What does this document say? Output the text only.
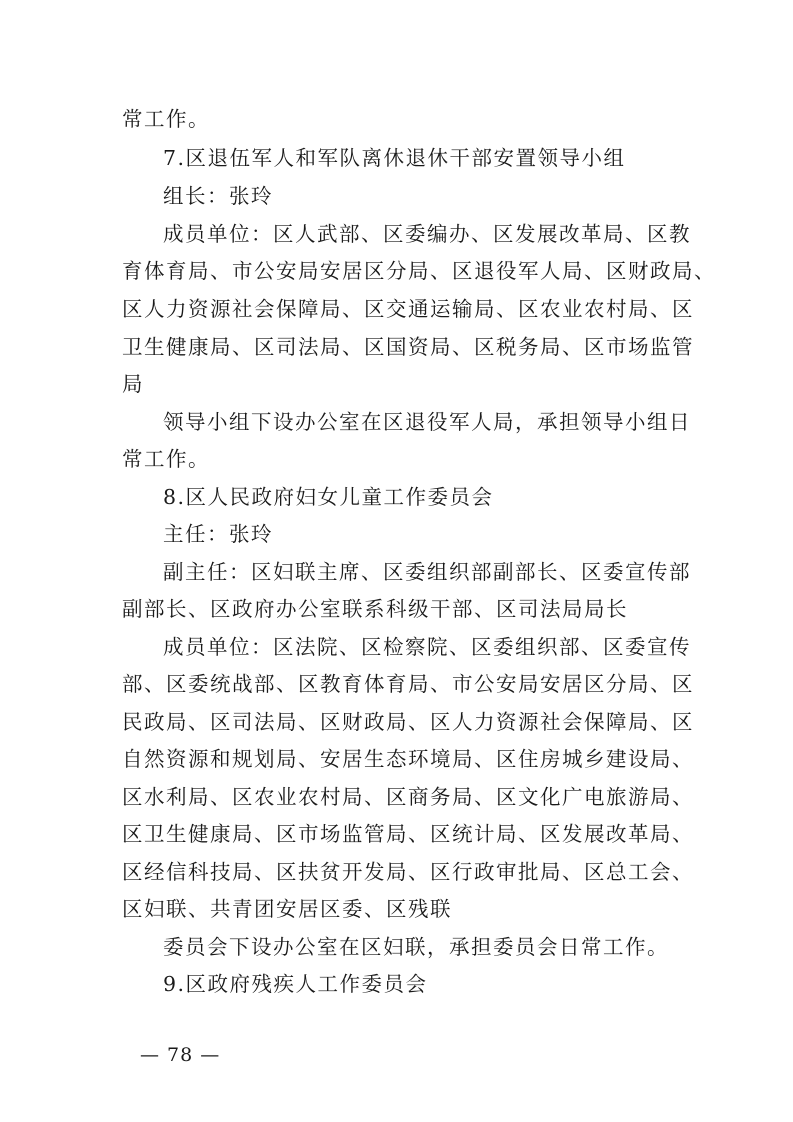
常工作。
7.区退伍军人和军队离休退休干部安置领导小组
组长：张玲
成员单位：区人武部、区委编办、区发展改革局、区教
育体育局、市公安局安居区分局、区退役军人局、区财政局、
区人力资源社会保障局、区交通运输局、区农业农村局、区
卫生健康局、区司法局、区国资局、区税务局、区市场监管
局
领导小组下设办公室在区退役军人局，承担领导小组日
常工作。
8.区人民政府妇女儿童工作委员会
主任：张玲
副主任：区妇联主席、区委组织部副部长、区委宣传部
副部长、区政府办公室联系科级干部、区司法局局长
成员单位：区法院、区检察院、区委组织部、区委宣传
部、区委统战部、区教育体育局、市公安局安居区分局、区
民政局、区司法局、区财政局、区人力资源社会保障局、区
自然资源和规划局、安居生态环境局、区住房城乡建设局、
区水利局、区农业农村局、区商务局、区文化广电旅游局、
区卫生健康局、区市场监管局、区统计局、区发展改革局、
区经信科技局、区扶贫开发局、区行政审批局、区总工会、
区妇联、共青团安居区委、区残联
委员会下设办公室在区妇联，承担委员会日常工作。
9.区政府残疾人工作委员会
— 78 —
